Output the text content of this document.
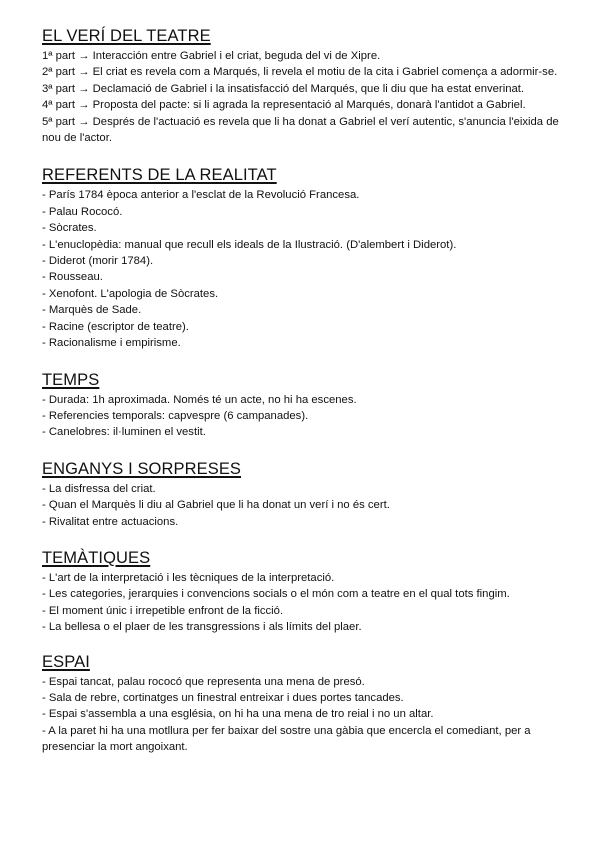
EL VERÍ DEL TEATRE

1ª part → Interacción entre Gabriel i el criat, beguda del vi de Xipre.

2ª part → El criat es revela com a Marqués, li revela el motiu de la cita i Gabriel comença a adormir-se.

3ª part → Declamació de Gabriel i la insatisfacció del Marqués, que li diu que ha estat enverinat.

4ª part → Proposta del pacte: si li agrada la representació al Marqués, donarà l'antidot a Gabriel.

5ª part → Després de l'actuació es revela que li ha donat a Gabriel el verí autentic, s'anuncia l'eixida de nou de l'actor.

REFERENTS DE LA REALITAT

- París 1784 època anterior a l'esclat de la Revolució Francesa.

- Palau Rococó.

- Sòcrates.

- L'enuclopèdia: manual que recull els ideals de la Ilustració. (D'alembert i Diderot).

- Diderot (morir 1784).

- Rousseau.

- Xenofont. L'apologia de Sòcrates.

- Marquès de Sade.

- Racine (escriptor de teatre).

- Racionalisme i empirisme.

TEMPS

- Durada: 1h aproximada. Només té un acte, no hi ha escenes.

- Referencies temporals: capvespre (6 campanades).

- Canelobres: il·luminen el vestit.

ENGANYS I SORPRESES

- La disfressa del criat.

- Quan el Marquès li diu al Gabriel que li ha donat un verí i no és cert.

- Rivalitat entre actuacions.

TEMÀTIQUES

- L'art de la interpretació i les tècniques de la interpretació.

- Les categories, jerarquies i convencions socials o el món com a teatre en el qual tots fingim.

- El moment únic i irrepetible enfront de la ficció.

- La bellesa o el plaer de les transgressions i als límits del plaer.

ESPAI

- Espai tancat, palau rococó que representa una mena de presó.

- Sala de rebre, cortinatges un finestral entreixar i dues portes tancades.

- Espai s'assembla a una església, on hi ha una mena de tro reial i no un altar.

- A la paret hi ha una motllura per fer baixar del sostre una gàbia que encercla el comediant, per a presenciar la mort angoixant.
